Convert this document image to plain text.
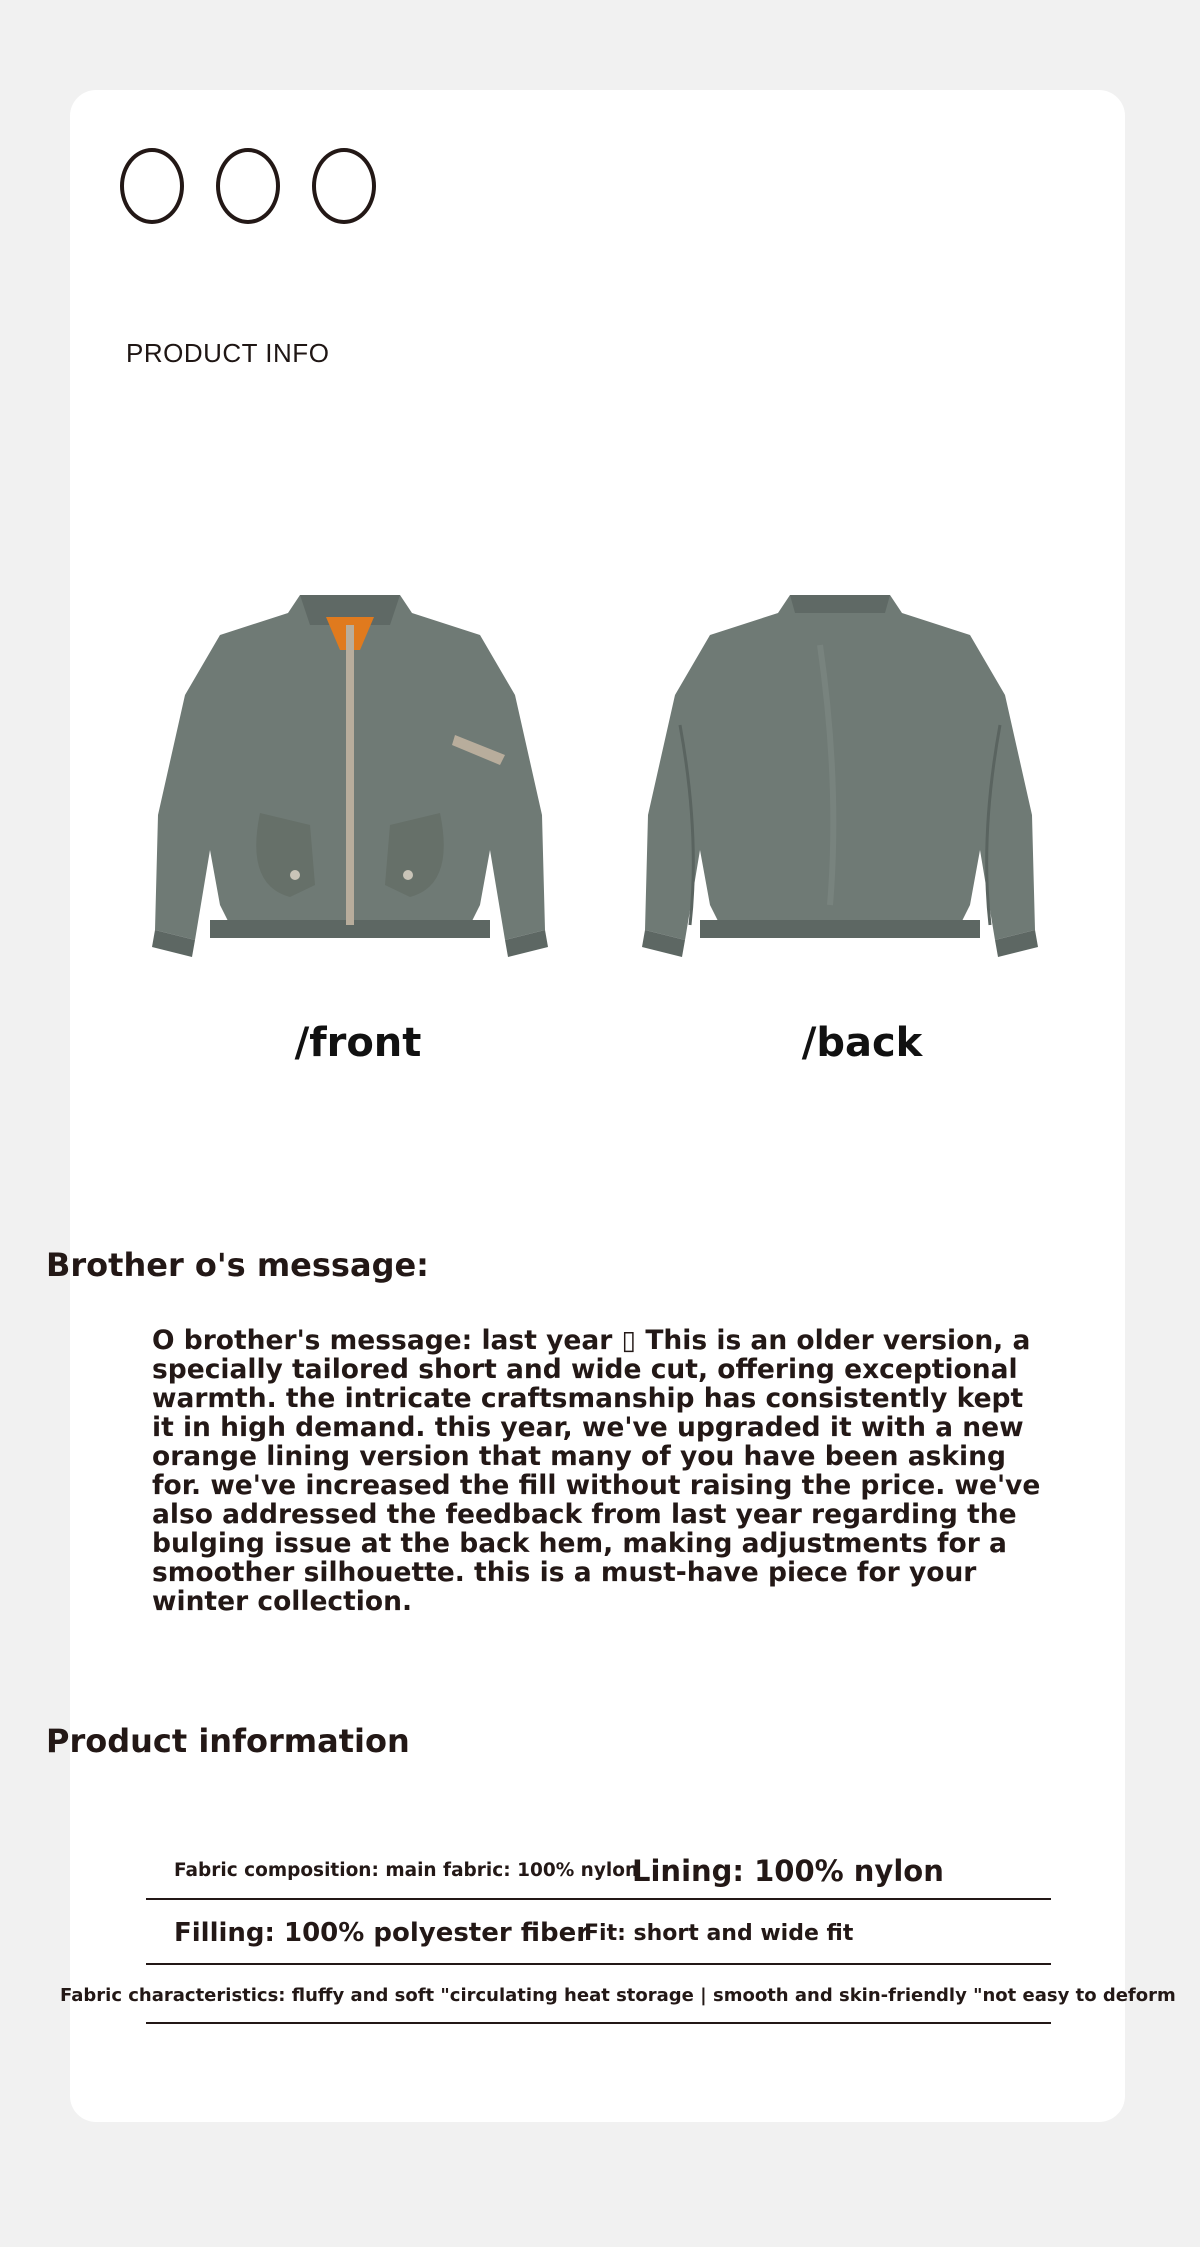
PRODUCT INFO
/front	/back
Brother o's message:

O brother's message: last year ▯ This is an older version, a specially tailored short and wide cut, offering exceptional warmth. the intricate craftsmanship has consistently kept it in high demand. this year, we've upgraded it with a new orange lining version that many of you have been asking for. we've increased the fill without raising the price. we've also addressed the feedback from last year regarding the bulging issue at the back hem, making adjustments for a smoother silhouette. this is a must-have piece for your winter collection.

Product information
Fabric composition: main fabric: 100% nylon
Lining: 100% nylon
Filling: 100% polyester fiber
Fit: short and wide fit
Fabric characteristics: fluffy and soft "circulating heat storage | smooth and skin-friendly "not easy to deform
